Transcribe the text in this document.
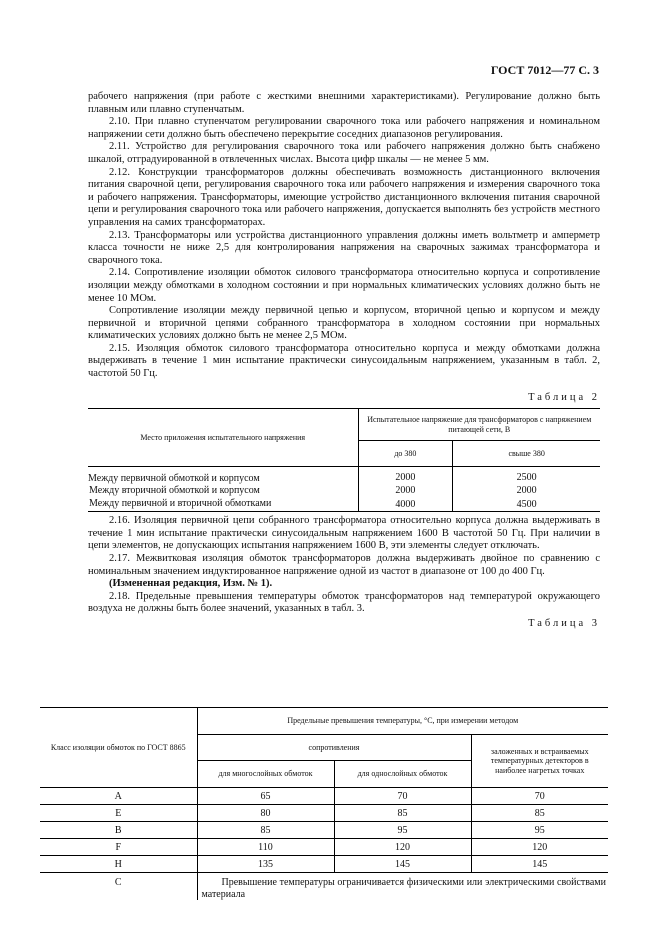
ГОСТ 7012—77 С. 3

рабочего напряжения (при работе с жесткими внешними характеристиками). Регулирование должно быть плавным или плавно ступенчатым.

2.10. При плавно ступенчатом регулировании сварочного тока или рабочего напряжения и номинальном напряжении сети должно быть обеспечено перекрытие соседних диапазонов регулирования.

2.11. Устройство для регулирования сварочного тока или рабочего напряжения должно быть снабжено шкалой, отградуированной в отвлеченных числах. Высота цифр шкалы — не менее 5 мм.

2.12. Конструкции трансформаторов должны обеспечивать возможность дистанционного включения питания сварочной цепи, регулирования сварочного тока или рабочего напряжения и измерения сварочного тока и рабочего напряжения. Трансформаторы, имеющие устройство дистанционного включения питания сварочной цепи и регулирования сварочного тока или рабочего напряжения, допускается выполнять без устройств местного управления на самих трансформаторах.

2.13. Трансформаторы или устройства дистанционного управления должны иметь вольтметр и амперметр класса точности не ниже 2,5 для контролирования напряжения на сварочных зажимах трансформатора и сварочного тока.

2.14. Сопротивление изоляции обмоток силового трансформатора относительно корпуса и сопротивление изоляции между обмотками в холодном состоянии и при нормальных климатических условиях должно быть не менее 10 МОм.

Сопротивление изоляции между первичной цепью и корпусом, вторичной цепью и корпусом и между первичной и вторичной цепями собранного трансформатора в холодном состоянии при нормальных климатических условиях должно быть не менее 2,5 МОм.

2.15. Изоляция обмоток силового трансформатора относительно корпуса и между обмотками должна выдерживать в течение 1 мин испытание практически синусоидальным напряжением, указанным в табл. 2, частотой 50 Гц.

Таблица 2
Место приложения испытательного напряжения	Испытательное напряжение для трансформаторов с напряжением питающей сети, В	
	до 380	свыше 380
Между первичной обмоткой и корпусом	2000	2500
Между вторичной обмоткой и корпусом	2000	2000
Между первичной и вторичной обмотками	4000	4500

2.16. Изоляция первичной цепи собранного трансформатора относительно корпуса должна выдерживать в течение 1 мин испытание практически синусоидальным напряжением 1600 В частотой 50 Гц. При наличии в цепи элементов, не допускающих испытания напряжением 1600 В, эти элементы следует отключать.

2.17. Межвитковая изоляция обмоток трансформаторов должна выдерживать двойное по сравнению с номинальным значением индуктированное напряжение одной из частот в диапазоне от 100 до 400 Гц.

(Измененная редакция, Изм. № 1).

2.18. Предельные превышения температуры обмоток трансформаторов над температурой окружающего воздуха не должны быть более значений, указанных в табл. 3.

Таблица 3
Класс изоляции обмоток по ГОСТ 8865	Предельные превышения температуры, °С, при измерении методом		
	сопротивления		заложенных и встраиваемых температурных детекторов в наиболее нагретых точках
	для многослойных обмоток	для однослойных обмоток	
A	65	70	70
E	80	85	85
B	85	95	95
F	110	120	120
H	135	145	145
C	Превышение температуры ограничивается физическими или электрическими свойствами материала		
